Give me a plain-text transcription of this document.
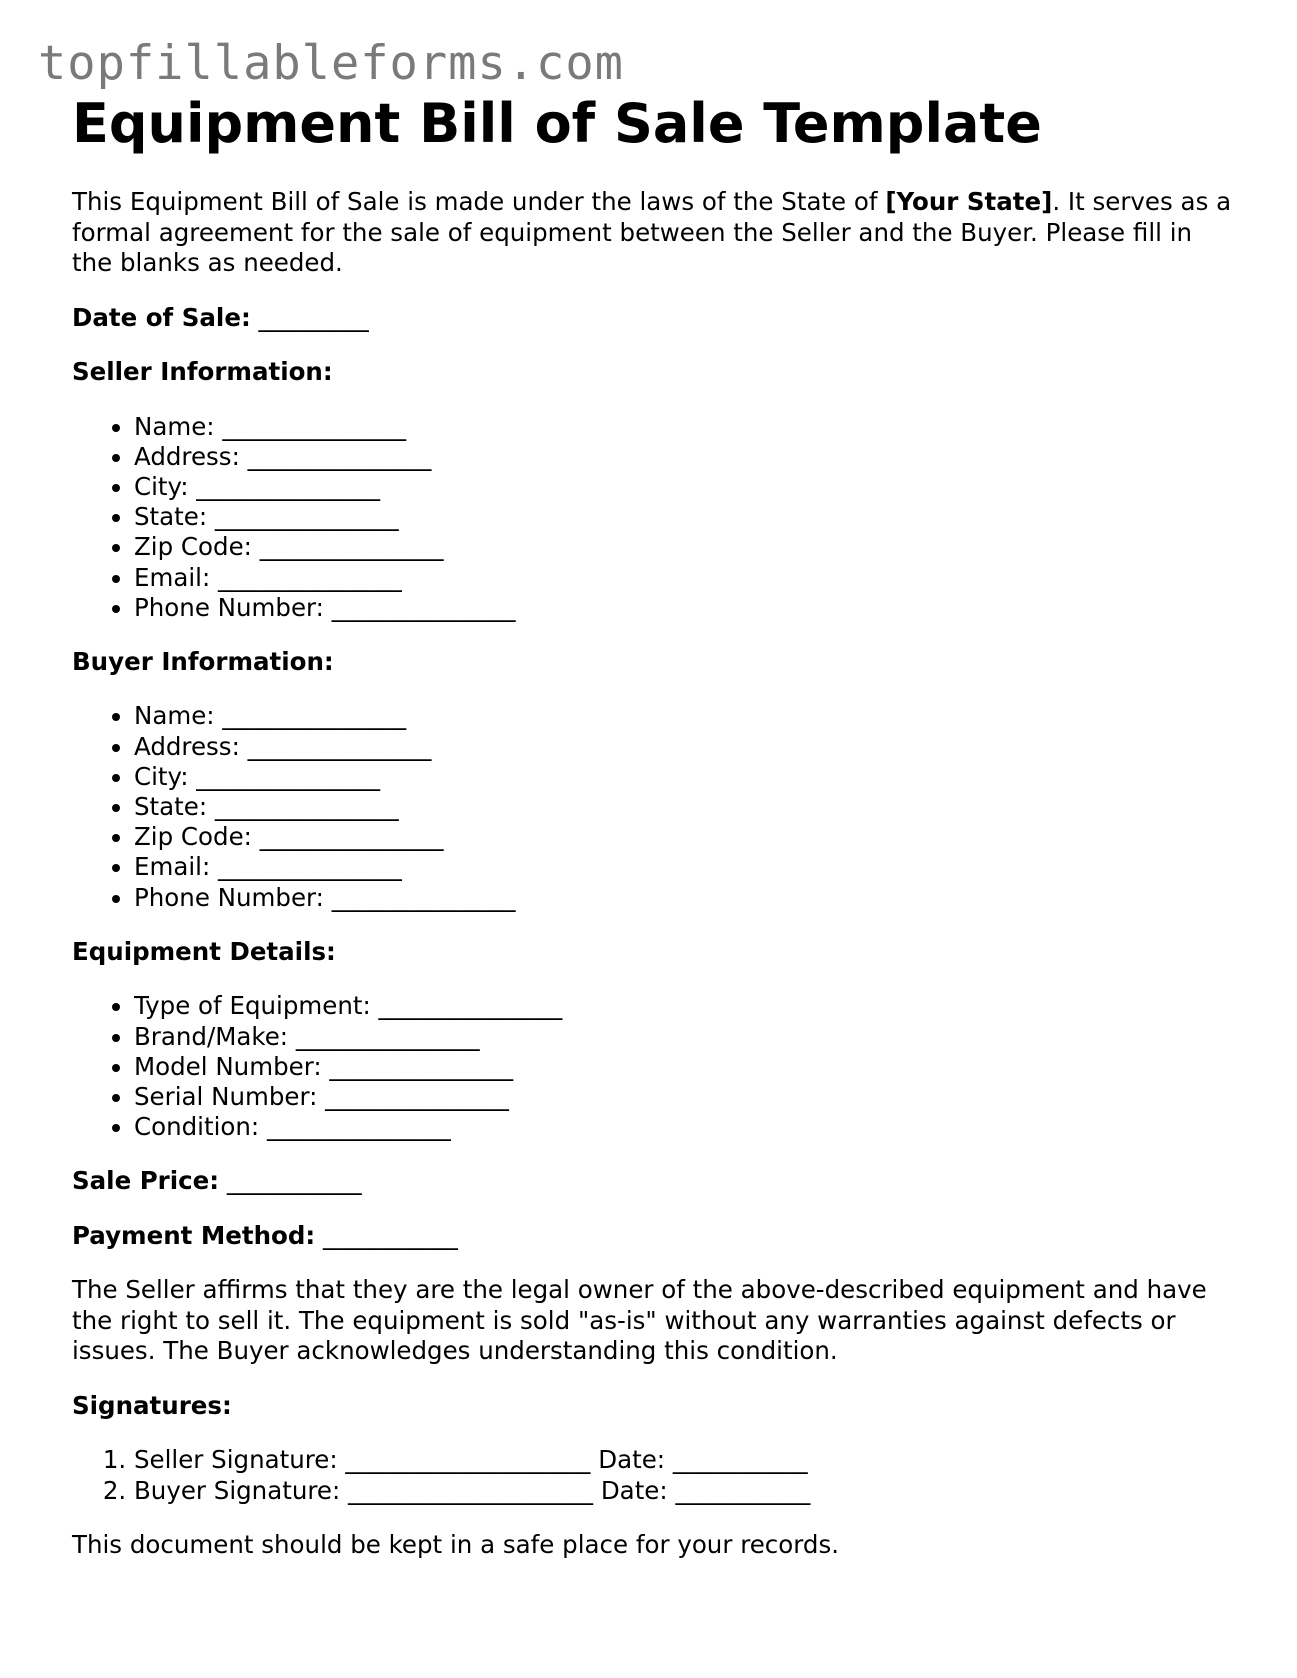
topfillableforms.com
Equipment Bill of Sale Template

This Equipment Bill of Sale is made under the laws of the State of [Your State]. It serves as a formal agreement for the sale of equipment between the Seller and the Buyer. Please fill in the blanks as needed.

Date of Sale: _________

Seller Information:

• Name: _______________
• Address: _______________
• City: _______________
• State: _______________
• Zip Code: _______________
• Email: _______________
• Phone Number: _______________

Buyer Information:

• Name: _______________
• Address: _______________
• City: _______________
• State: _______________
• Zip Code: _______________
• Email: _______________
• Phone Number: _______________

Equipment Details:

• Type of Equipment: _______________
• Brand/Make: _______________
• Model Number: _______________
• Serial Number: _______________
• Condition: _______________

Sale Price: ___________

Payment Method: ___________

The Seller affirms that they are the legal owner of the above-described equipment and have the right to sell it. The equipment is sold "as-is" without any warranties against defects or issues. The Buyer acknowledges understanding this condition.

Signatures:

1. Seller Signature: ____________________ Date: ___________
2. Buyer Signature: ____________________ Date: ___________

This document should be kept in a safe place for your records.
